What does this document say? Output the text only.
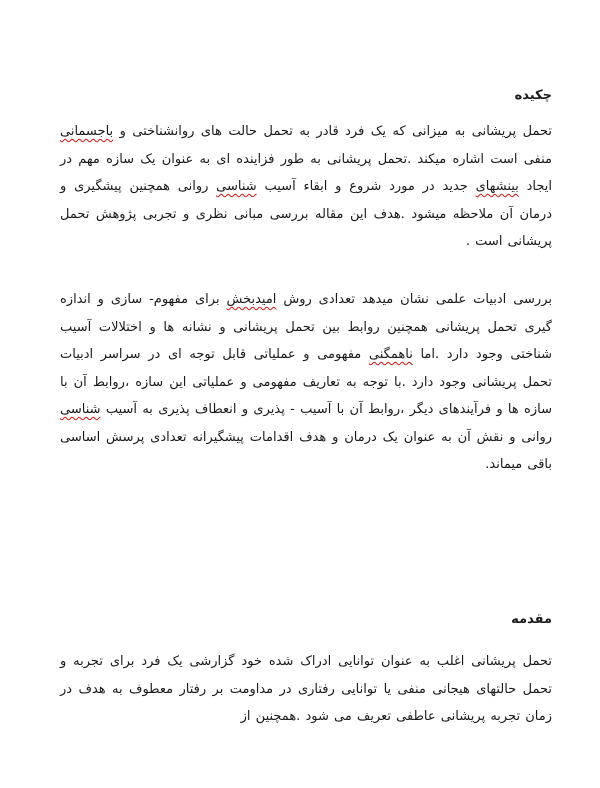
چکیده

تحمل پریشانی به میزانی که یک فرد قادر به تحمل حالت های روانشناختی و باجسمانی منفی است اشاره میکند .تحمل پریشانی به طور فزاینده ای به عنوان یک سازه مهم در ایجاد بینشهای جدید در مورد شروع و ابقاء آسیب شناسی روانی همچنین پیشگیری و درمان آن ملاحظه میشود .هدف این مقاله بررسی مبانی نظری و تجربی پژوهش تحمل پریشانی است .

بررسی ادبیات علمی نشان میدهد تعدادی روش امیدبخش برای مفهوم- سازی و اندازه گیری تحمل پریشانی همچنین روابط بین تحمل پریشانی و نشانه ها و اختلالات آسیب شناختی وجود دارد .اما ناهمگنی مفهومی و عملیاتی قابل توجه ای در سراسر ادبیات تحمل پریشانی وجود دارد .با توجه به تعاریف مفهومی و عملیاتی این سازه ،روابط آن با سازه ها و فرآیندهای دیگر ،روابط آن با آسیب - پذیری و انعطاف پذیری به آسیب شناسی روانی و نقش آن به عنوان یک درمان و هدف اقدامات پیشگیرانه تعدادی پرسش اساسی باقی میماند.

مقدمه

تحمل پریشانی اغلب به عنوان توانایی ادراک شده خود گزارشی یک فرد برای تجربه و تحمل حالتهای هیجانی منفی یا توانایی رفتاری در مداومت بر رفتار معطوف به هدف در زمان تجربه پریشانی عاطفی تعریف می شود .همچنین از
